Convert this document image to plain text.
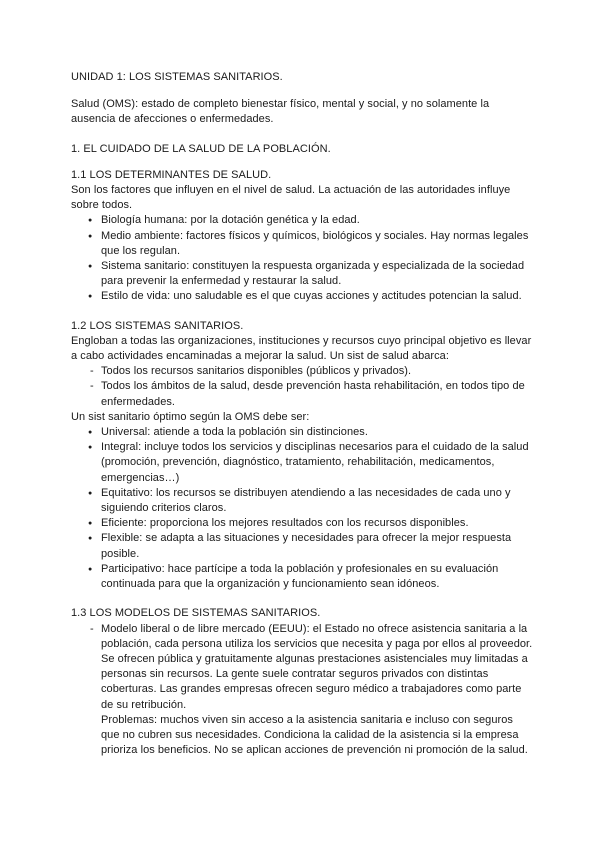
UNIDAD 1: LOS SISTEMAS SANITARIOS.

Salud (OMS): estado de completo bienestar físico, mental y social, y no solamente la ausencia de afecciones o enfermedades.

1. EL CUIDADO DE LA SALUD DE LA POBLACIÓN.

1.1 LOS DETERMINANTES DE SALUD.

Son los factores que influyen en el nivel de salud. La actuación de las autoridades influye sobre todos.

● Biología humana: por la dotación genética y la edad.
● Medio ambiente: factores físicos y químicos, biológicos y sociales. Hay normas legales que los regulan.
● Sistema sanitario: constituyen la respuesta organizada y especializada de la sociedad para prevenir la enfermedad y restaurar la salud.
● Estilo de vida: uno saludable es el que cuyas acciones y actitudes potencian la salud.

1.2 LOS SISTEMAS SANITARIOS.

Engloban a todas las organizaciones, instituciones y recursos cuyo principal objetivo es llevar a cabo actividades encaminadas a mejorar la salud. Un sist de salud abarca:

- Todos los recursos sanitarios disponibles (públicos y privados).
- Todos los ámbitos de la salud, desde prevención hasta rehabilitación, en todos tipo de enfermedades.

Un sist sanitario óptimo según la OMS debe ser:

● Universal: atiende a toda la población sin distinciones.
● Integral: incluye todos los servicios y disciplinas necesarios para el cuidado de la salud (promoción, prevención, diagnóstico, tratamiento, rehabilitación, medicamentos, emergencias…)
● Equitativo: los recursos se distribuyen atendiendo a las necesidades de cada uno y siguiendo criterios claros.
● Eficiente: proporciona los mejores resultados con los recursos disponibles.
● Flexible: se adapta a las situaciones y necesidades para ofrecer la mejor respuesta posible.
● Participativo: hace partícipe a toda la población y profesionales en su evaluación continuada para que la organización y funcionamiento sean idóneos.

1.3 LOS MODELOS DE SISTEMAS SANITARIOS.

- Modelo liberal o de libre mercado (EEUU): el Estado no ofrece asistencia sanitaria a la población, cada persona utiliza los servicios que necesita y paga por ellos al proveedor. Se ofrecen pública y gratuitamente algunas prestaciones asistenciales muy limitadas a personas sin recursos. La gente suele contratar seguros privados con distintas coberturas. Las grandes empresas ofrecen seguro médico a trabajadores como parte de su retribución.
Problemas: muchos viven sin acceso a la asistencia sanitaria e incluso con seguros que no cubren sus necesidades. Condiciona la calidad de la asistencia si la empresa prioriza los beneficios. No se aplican acciones de prevención ni promoción de la salud.
